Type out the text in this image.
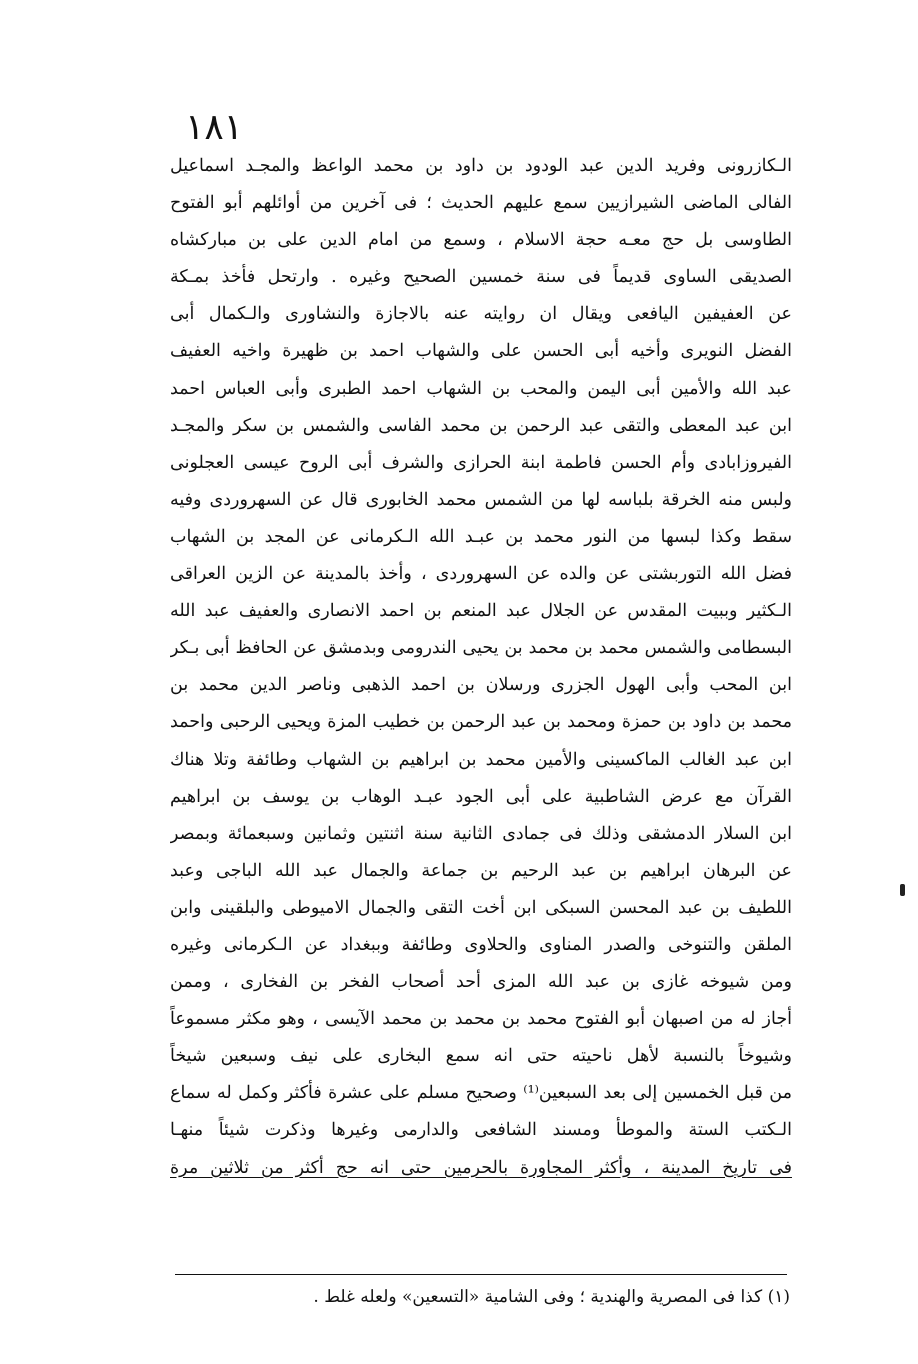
١٨١
الـكازرونى وفريد الدين عبد الودود بن داود بن محمد الواعظ والمجـد اسماعيل
الفالى الماضى الشيرازيين سمع عليهم الحديث ؛ فى آخرين من أوائلهم أبو الفتوح
الطاوسى بل حج معـه حجة الاسلام ، وسمع من امام الدين على بن مباركشاه
الصديقى الساوى قديماً فى سنة خمسين الصحيح وغيره . وارتحل فأخذ بمـكة
عن العفيفين اليافعى ويقال ان روايته عنه بالاجازة والنشاورى والـكمال أبى
الفضل النويرى وأخيه أبى الحسن على والشهاب احمد بن ظهيرة واخيه العفيف
عبد الله والأمين أبى اليمن والمحب بن الشهاب احمد الطبرى وأبى العباس احمد
ابن عبد المعطى والتقى عبد الرحمن بن محمد الفاسى والشمس بن سكر والمجـد
الفيروزابادى وأم الحسن فاطمة ابنة الحرازى والشرف أبى الروح عيسى العجلونى
ولبس منه الخرقة بلباسه لها من الشمس محمد الخابورى قال عن السهروردى وفيه
سقط وكذا لبسها من النور محمد بن عبـد الله الـكرمانى عن المجد بن الشهاب
فضل الله التوربشتى عن والده عن السهروردى ، وأخذ بالمدينة عن الزين العراقى
الـكثير وببيت المقدس عن الجلال عبد المنعم بن احمد الانصارى والعفيف عبد الله
البسطامى والشمس محمد بن محمد بن يحيى الندرومى وبدمشق عن الحافظ أبى بـكر
ابن المحب وأبى الهول الجزرى ورسلان بن احمد الذهبى وناصر الدين محمد بن
محمد بن داود بن حمزة ومحمد بن عبد الرحمن بن خطيب المزة ويحيى الرحبى واحمد
ابن عبد الغالب الماكسينى والأمين محمد بن ابراهيم بن الشهاب وطائفة وتلا هناك
القرآن مع عرض الشاطبية على أبى الجود عبـد الوهاب بن يوسف بن ابراهيم
ابن السلار الدمشقى وذلك فى جمادى الثانية سنة اثنتين وثمانين وسبعمائة وبمصر
عن البرهان ابراهيم بن عبد الرحيم بن جماعة والجمال عبد الله الباجى وعبد
اللطيف بن عبد المحسن السبكى ابن أخت التقى والجمال الاميوطى والبلقينى وابن
الملقن والتنوخى والصدر المناوى والحلاوى وطائفة وببغداد عن الـكرمانى وغيره
ومن شيوخه غازى بن عبد الله المزى أحد أصحاب الفخر بن الفخارى ، وممن
أجاز له من اصبهان أبو الفتوح محمد بن محمد بن محمد الآيسى ، وهو مكثر مسموعاً
وشيوخاً بالنسبة لأهل ناحيته حتى انه سمع البخارى على نيف وسبعين شيخاً
من قبل الخمسين إلى بعد السبعين⁽¹⁾ وصحيح مسلم على عشرة فأكثر وكمل له سماع
الـكتب الستة والموطأ ومسند الشافعى والدارمى وغيرها وذكرت شيئاً منهـا
فى تاريخ المدينة ، وأكثر المجاورة بالحرمين حتى انه حج أكثر من ثلاثين مرة
(١) كذا فى المصرية والهندية ؛ وفى الشامية «التسعين» ولعله غلط .
